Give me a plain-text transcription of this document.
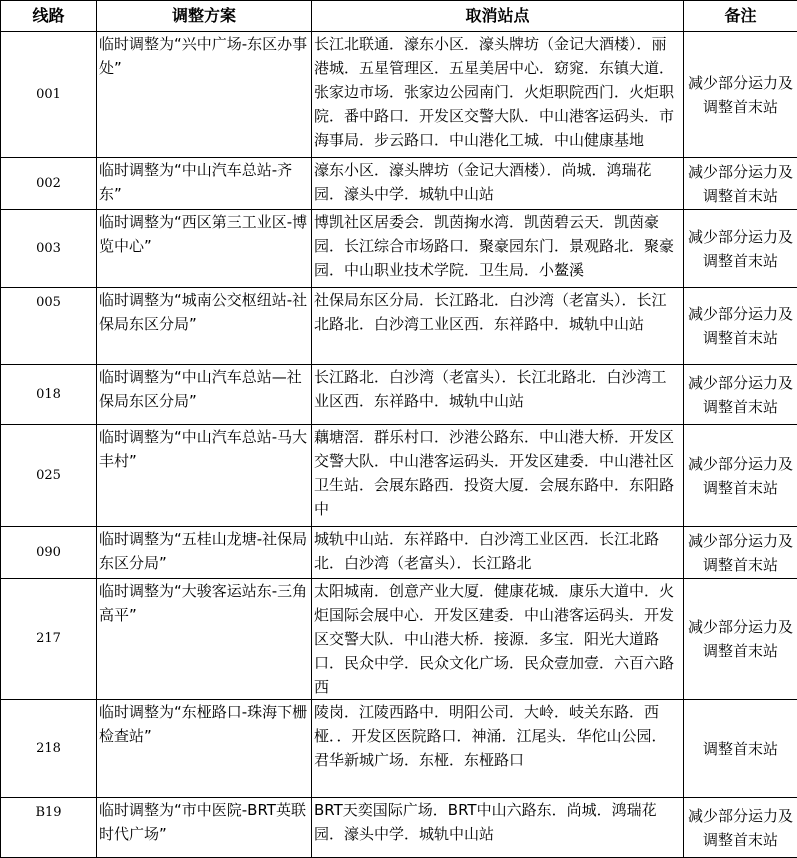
线路	调整方案	取消站点	备注
001	临时调整为“兴中广场-东区办事处”	长江北联通．濠东小区．濠头牌坊（金记大酒楼）．丽港城．五星管理区．五星美居中心．窈窕．东镇大道．张家边市场．张家边公园南门．火炬职院西门．火炬职院．番中路口．开发区交警大队．中山港客运码头．市海事局．步云路口．中山港化工城．中山健康基地	减少部分运力及调整首末站
002	临时调整为“中山汽车总站-齐东”	濠东小区．濠头牌坊（金记大酒楼）．尚城．鸿瑞花园．濠头中学．城轨中山站	减少部分运力及调整首末站
003	临时调整为“西区第三工业区-博览中心”	博凯社区居委会．凯茵掬水湾．凯茵碧云天．凯茵豪园．长江综合市场路口．聚豪园东门．景观路北．聚豪园．中山职业技术学院．卫生局．小鳌溪	减少部分运力及调整首末站
005	临时调整为“城南公交枢纽站-社保局东区分局”	社保局东区分局．长江路北．白沙湾（老富头）．长江北路北．白沙湾工业区西．东祥路中．城轨中山站	减少部分运力及调整首末站
018	临时调整为“中山汽车总站—社保局东区分局”	长江路北．白沙湾（老富头）．长江北路北．白沙湾工业区西．东祥路中．城轨中山站	减少部分运力及调整首末站
025	临时调整为“中山汽车总站-马大丰村”	藕塘滘．群乐村口．沙港公路东．中山港大桥．开发区交警大队．中山港客运码头．开发区建委．中山港社区卫生站．会展东路西．投资大厦．会展东路中．东阳路中	减少部分运力及调整首末站
090	临时调整为“五桂山龙塘-社保局东区分局”	城轨中山站．东祥路中．白沙湾工业区西．长江北路北．白沙湾（老富头）．长江路北	减少部分运力及调整首末站
217	临时调整为“大骏客运站东-三角高平”	太阳城南．创意产业大厦．健康花城．康乐大道中．火炬国际会展中心．开发区建委．中山港客运码头．开发区交警大队．中山港大桥．接源．多宝．阳光大道路口．民众中学．民众文化广场．民众壹加壹．六百六路西	减少部分运力及调整首末站
218	临时调整为“东桠路口-珠海下栅检查站”	陵岗．江陵西路中．明阳公司．大岭．岐关东路．西桠．．开发区医院路口．神涌．江尾头．华佗山公园．君华新城广场．东桠．东桠路口	调整首末站
B19	临时调整为“市中医院-BRT英联时代广场”	BRT天奕国际广场．BRT中山六路东．尚城．鸿瑞花园．濠头中学．城轨中山站	减少部分运力及调整首末站
